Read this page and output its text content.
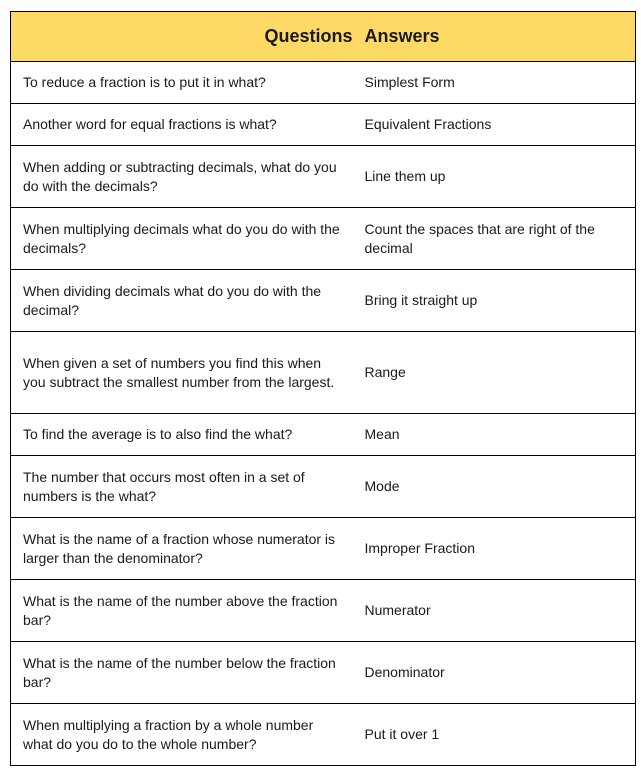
Questions	Answers
To reduce a fraction is to put it in what?	Simplest Form
Another word for equal fractions is what?	Equivalent Fractions
When adding or subtracting decimals, what do you do with the decimals?	Line them up
When multiplying decimals what do you do with the decimals?	Count the spaces that are right of the decimal
When dividing decimals what do you do with the decimal?	Bring it straight up
When given a set of numbers you find this when you subtract the smallest number from the largest.	Range
To find the average is to also find the what?	Mean
The number that occurs most often in a set of numbers is the what?	Mode
What is the name of a fraction whose numerator is larger than the denominator?	Improper Fraction
What is the name of the number above the fraction bar?	Numerator
What is the name of the number below the fraction bar?	Denominator
When multiplying a fraction by a whole number what do you do to the whole number?	Put it over 1
